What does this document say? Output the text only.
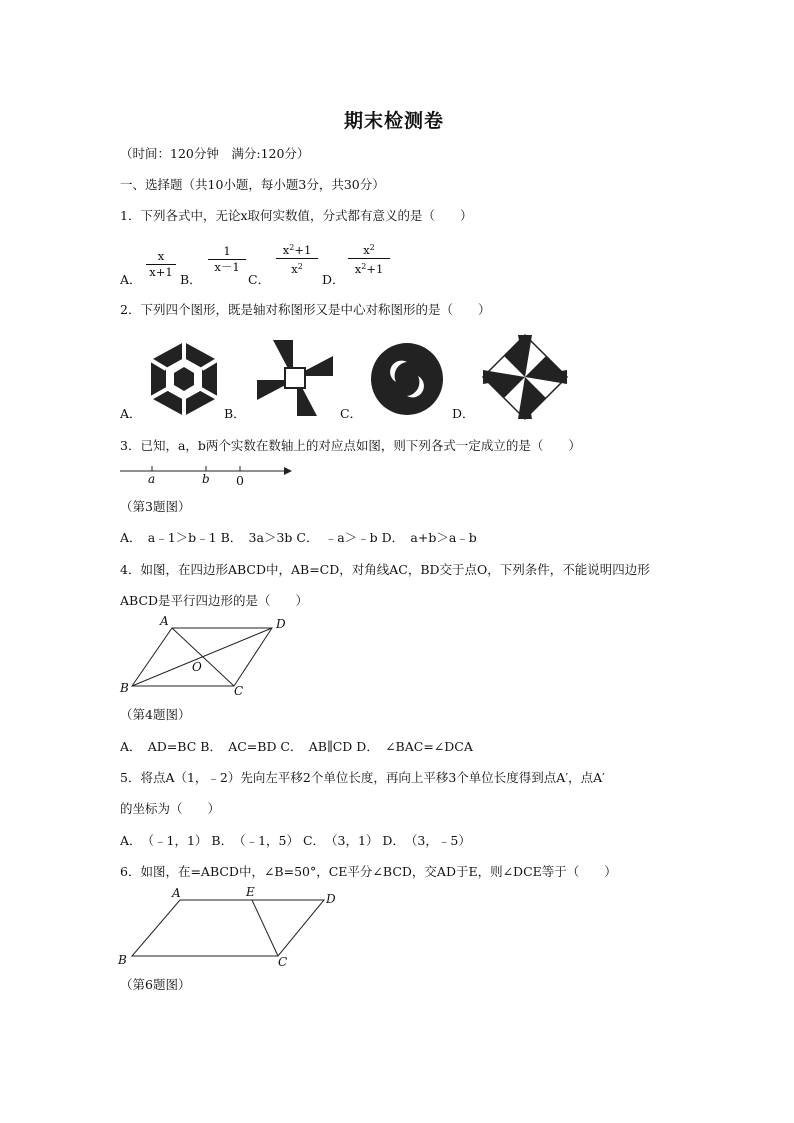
期末检测卷
（时间：120分钟　满分:120分）
一、选择题（共10小题，每小题3分，共30分）
1．下列各式中，无论x取何实数值，分式都有意义的是（　　）
A．
x
x+1 B．
1
x－1
C．
$x^2+1$
$x^2$
D．
$x^2$
$x^2+1$
2．下列四个图形，既是轴对称图形又是中心对称图形的是（　　）
A．	B．	C．	D．
3．已知，a，b两个实数在数轴上的对应点如图，则下列各式一定成立的是（　　）
a	b 0
（第3题图）
A．　a﹣1＞b﹣1 B．　3a＞3b C．　﹣a＞﹣b D．　a+b＞a﹣b
4．如图，在四边形ABCD中，AB=CD，对角线AC，BD交于点O，下列条件，不能说明四边形
ABCD是平行四边形的是（　　）
A	D
O
B	C
（第4题图）
A．　AD=BC B．　AC=BD C．　AB∥CD D．　∠BAC=∠DCA
5．将点A（1，﹣2）先向左平移2个单位长度，再向上平移3个单位长度得到点A′，点A′
的坐标为（　　）
A．　（﹣1，1） B．　（﹣1，5） C．　（3，1） D．　（3，﹣5）
6．如图，在=ABCD中，∠B=50°，CE平分∠BCD，交AD于E，则∠DCE等于（　　）
A	E	D
B	C
（第6题图）
